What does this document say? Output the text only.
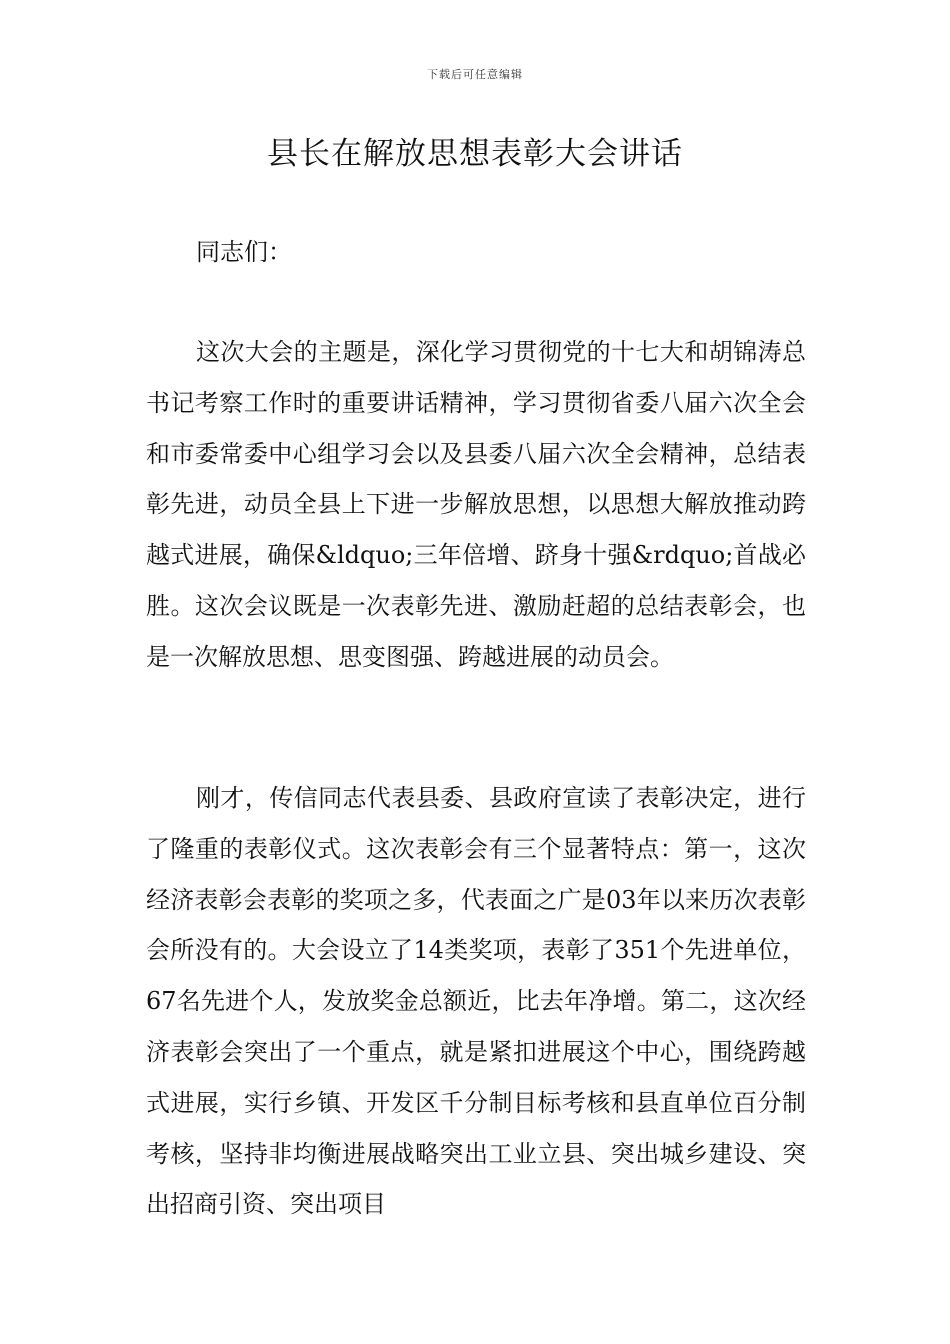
下载后可任意编辑
县长在解放思想表彰大会讲话

同志们：

这次大会的主题是，深化学习贯彻党的十七大和胡锦涛总书记考察工作时的重要讲话精神，学习贯彻省委八届六次全会和市委常委中心组学习会以及县委八届六次全会精神，总结表彰先进，动员全县上下进一步解放思想，以思想大解放推动跨越式进展，确保&ldquo;三年倍增、跻身十强&rdquo;首战必胜。这次会议既是一次表彰先进、激励赶超的总结表彰会，也是一次解放思想、思变图强、跨越进展的动员会。

刚才，传信同志代表县委、县政府宣读了表彰决定，进行了隆重的表彰仪式。这次表彰会有三个显著特点：第一，这次经济表彰会表彰的奖项之多，代表面之广是03年以来历次表彰会所没有的。大会设立了14类奖项，表彰了351个先进单位，67名先进个人，发放奖金总额近，比去年净增。第二，这次经济表彰会突出了一个重点，就是紧扣进展这个中心，围绕跨越式进展，实行乡镇、开发区千分制目标考核和县直单位百分制考核，坚持非均衡进展战略突出工业立县、突出城乡建设、突出招商引资、突出项目
